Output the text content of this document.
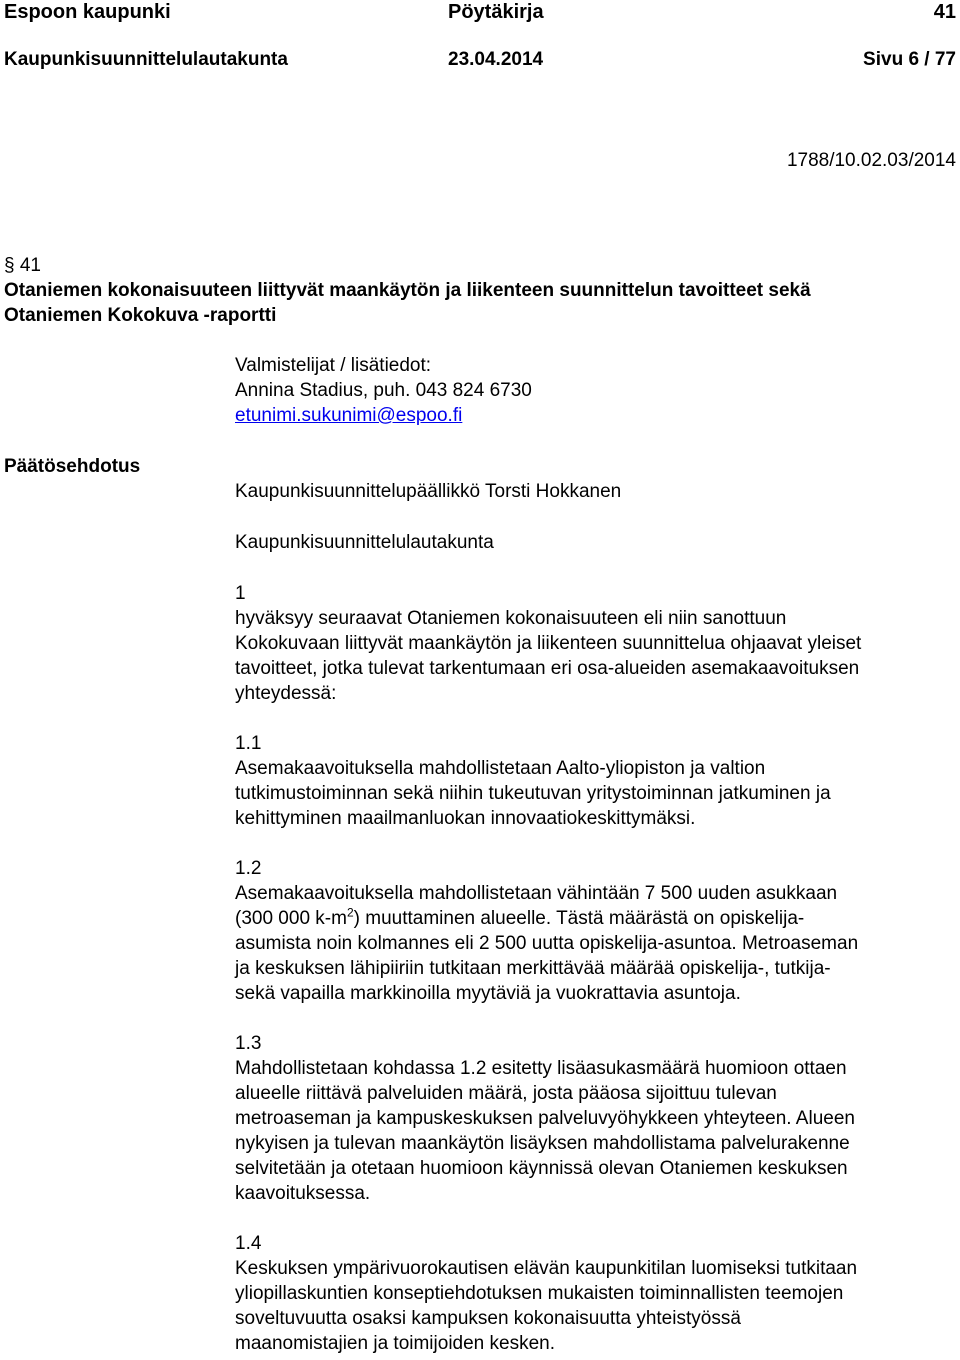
Espoon kaupunki	Pöytäkirja	41
Kaupunkisuunnittelulautakunta	23.04.2014	Sivu 6 / 77
1788/10.02.03/2014
§ 41
Otaniemen kokonaisuuteen liittyvät maankäytön ja liikenteen suunnittelun tavoitteet sekä
Otaniemen Kokokuva -raportti
Valmistelijat / lisätiedot:
Annina Stadius, puh. 043 824 6730
etunimi.sukunimi@espoo.fi
Päätösehdotus

Kaupunkisuunnittelupäällikkö Torsti Hokkanen

Kaupunkisuunnittelulautakunta

1

hyväksyy seuraavat Otaniemen kokonaisuuteen eli niin sanottuun

Kokokuvaan liittyvät maankäytön ja liikenteen suunnittelua ohjaavat yleiset

tavoitteet, jotka tulevat tarkentumaan eri osa-alueiden asemakaavoituksen

yhteydessä:

1.1

Asemakaavoituksella mahdollistetaan Aalto-yliopiston ja valtion

tutkimustoiminnan sekä niihin tukeutuvan yritystoiminnan jatkuminen ja

kehittyminen maailmanluokan innovaatiokeskittymäksi.

1.2

Asemakaavoituksella mahdollistetaan vähintään 7 500 uuden asukkaan

(300 000 $k-m^2$) muuttaminen alueelle. Tästä määrästä on opiskelija-

asumista noin kolmannes eli 2 500 uutta opiskelija-asuntoa. Metroaseman

ja keskuksen lähipiiriin tutkitaan merkittävää määrää opiskelija-, tutkija-

sekä vapailla markkinoilla myytäviä ja vuokrattavia asuntoja.

1.3

Mahdollistetaan kohdassa 1.2 esitetty lisäasukasmäärä huomioon ottaen

alueelle riittävä palveluiden määrä, josta pääosa sijoittuu tulevan

metroaseman ja kampuskeskuksen palveluvyöhykkeen yhteyteen. Alueen

nykyisen ja tulevan maankäytön lisäyksen mahdollistama palvelurakenne

selvitetään ja otetaan huomioon käynnissä olevan Otaniemen keskuksen

kaavoituksessa.

1.4

Keskuksen ympärivuorokautisen elävän kaupunkitilan luomiseksi tutkitaan

yliopillaskuntien konseptiehdotuksen mukaisten toiminnallisten teemojen

soveltuvuutta osaksi kampuksen kokonaisuutta yhteistyössä

maanomistajien ja toimijoiden kesken.
